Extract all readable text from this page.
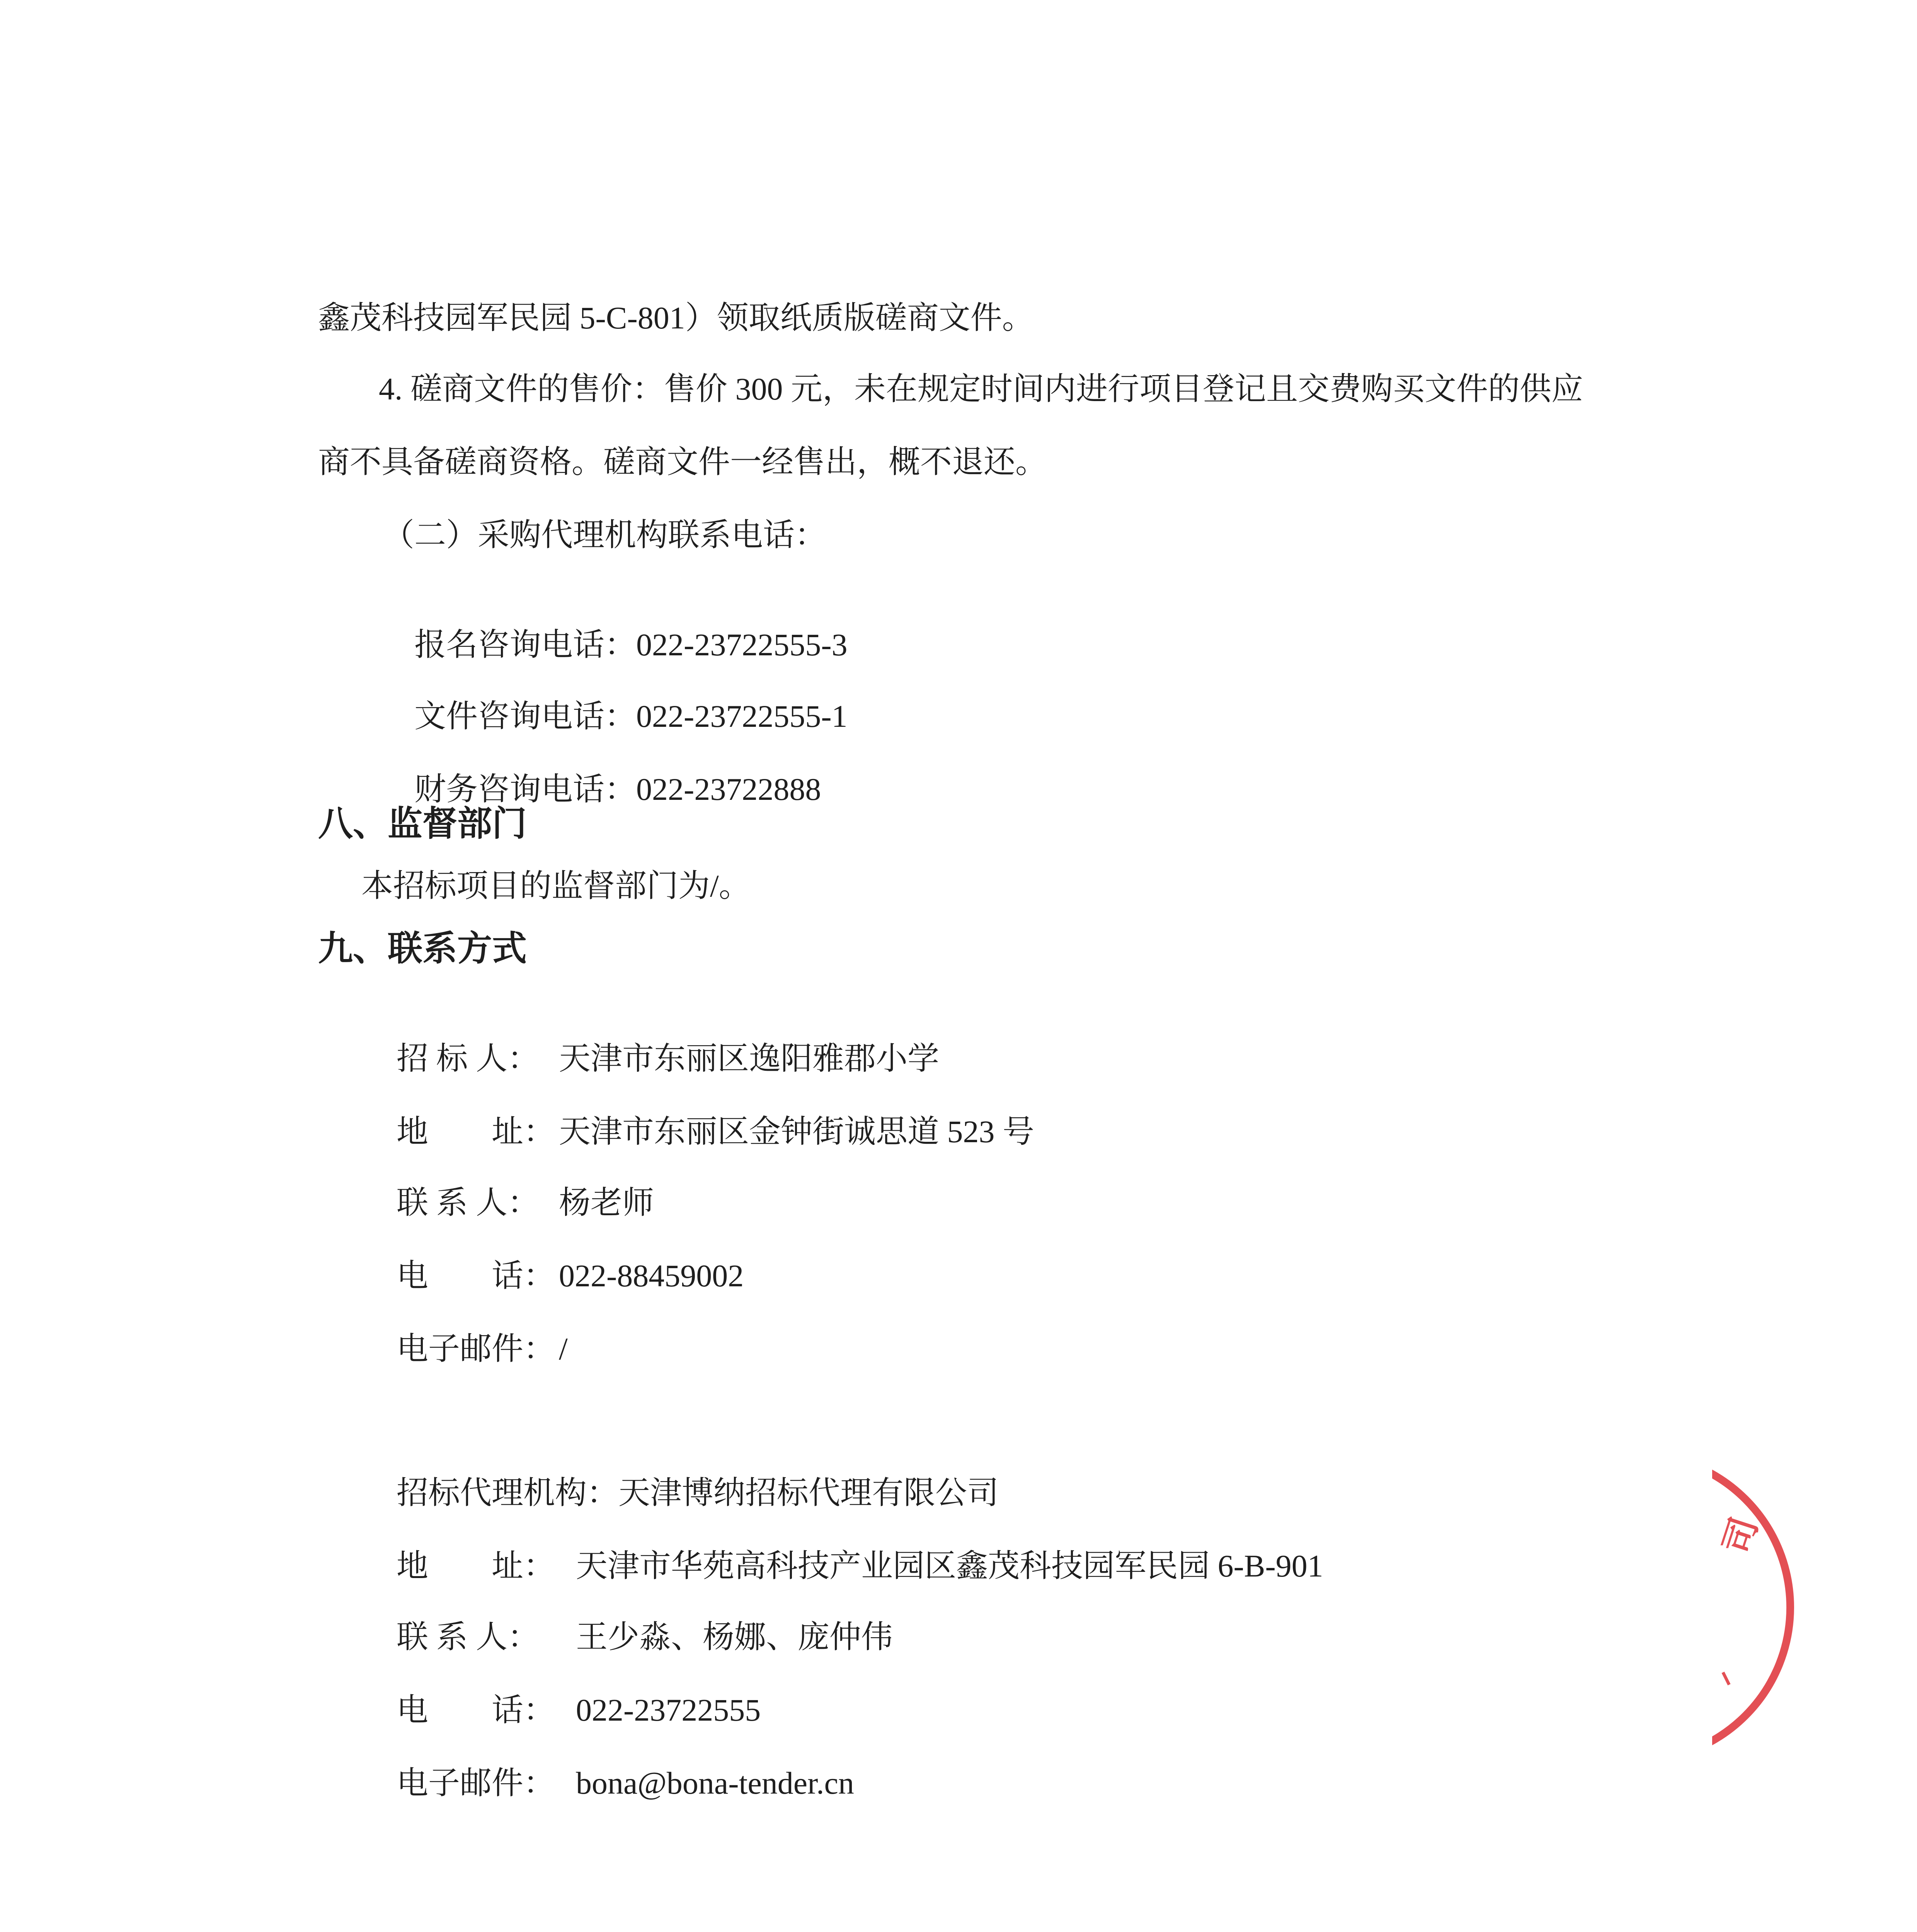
鑫茂科技园军民园 5-C-801）领取纸质版磋商文件。
4. 磋商文件的售价：售价 300 元，未在规定时间内进行项目登记且交费购买文件的供应
商不具备磋商资格。磋商文件一经售出，概不退还。
（二）采购代理机构联系电话：

报名咨询电话：022-23722555-3

文件咨询电话：022-23722555-1

财务咨询电话：022-23722888

八、监督部门
本招标项目的监督部门为/。
九、联系方式

招 标 人： 天津市东丽区逸阳雅郡小学

地　　址： 天津市东丽区金钟街诚思道 523 号

联 系 人： 杨老师

电　　话： 022-88459002

电子邮件： /

招标代理机构：天津博纳招标代理有限公司

地　　址： 天津市华苑高科技产业园区鑫茂科技园军民园 6-B-901

联 系 人： 王少淼、杨娜、庞仲伟

电　　话： 022-23722555

电子邮件： bona@bona-tender.cn

司
